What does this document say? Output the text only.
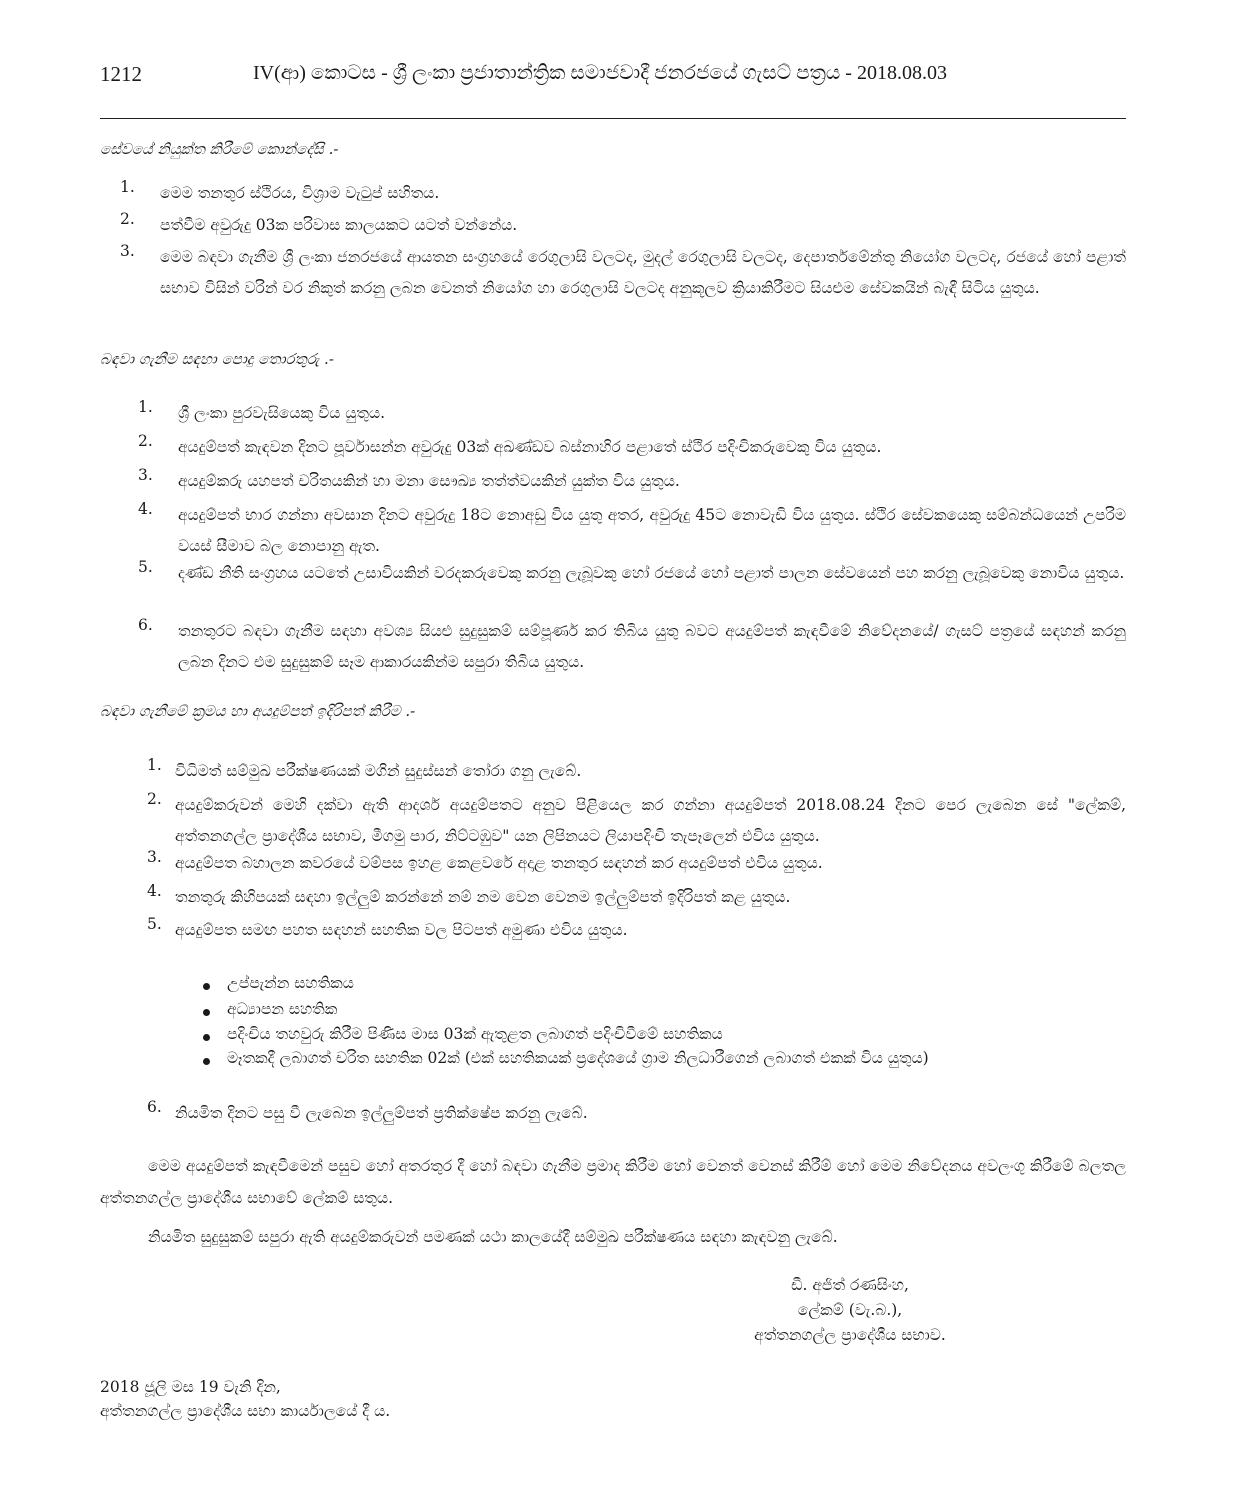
1212	IV(ආ) කොටස - ශ්‍රී ලංකා ප්‍රජාතාන්ත්‍රික සමාජවාදී ජනරජයේ ගැසට් පත්‍රය - 2018.08.03
සේවයේ නියුක්ත කිරීමේ කොන්දේසි .-
1. මෙම තනතුර ස්ථිරය, විශ්‍රාම වැටුප් සහිතය.
2. පත්වීම අවුරුදු 03ක පරිවාස කාලයකට යටත් වන්නේය.
3. මෙම බඳවා ගැනීම ශ්‍රී ලංකා ජනරජයේ ආයතන සංග්‍රහයේ රෙගුලාසි වලටද, මුදල් රෙගුලාසි වලටද, දෙපාර්තමේන්තු නියෝග වලටද, රජයේ හෝ පළාත් සභාව විසින් වරින් වර නිකුත් කරනු ලබන වෙනත් නියෝග හා රෙගුලාසි වලටද අනුකූලව ක්‍රියාකිරීමට සියළුම සේවකයින් බැඳී සිටිය යුතුය.
බඳවා ගැනීම සඳහා පොදු තොරතුරු .-
1. ශ්‍රී ලංකා පුරවැසියෙකු විය යුතුය.
2. අයදුම්පත් කැඳවන දිනට පූර්වාසන්න අවුරුදු 03ක් අඛණ්ඩව බස්නාහිර පළාතේ ස්ථිර පදිංචිකරුවෙකු විය යුතුය.
3. අයදුම්කරු යහපත් චරිතයකින් හා මනා සෞඛ්‍ය තත්ත්වයකින් යුක්ත විය යුතුය.
4. අයදුම්පත් භාර ගන්නා අවසාන දිනට අවුරුදු 18ට නොඅඩු විය යුතු අතර, අවුරුදු 45ට නොවැඩි විය යුතුය. ස්ථිර සේවකයෙකු සම්බන්ධයෙන් උපරිම වයස් සීමාව බල නොපානු ඇත.
5. දණ්ඩ නීති සංග්‍රහය යටතේ උසාවියකින් වරදකරුවෙකු කරනු ලැබූවකු හෝ රජයේ හෝ පළාත් පාලන සේවයෙන් පහ කරනු ලැබූවෙකු නොවිය යුතුය.
6. තනතුරට බඳවා ගැනීම සඳහා අවශ්‍ය සියළු සුදුසුකම් සම්පූර්ණ කර තිබිය යුතු බවට අයදුම්පත් කැඳවීමේ නිවේදනයේ/ ගැසට් පත්‍රයේ සඳහන් කරනු ලබන දිනට එම සුදුසුකම් සෑම ආකාරයකින්ම සපුරා තිබිය යුතුය.
බඳවා ගැනීමේ ක්‍රමය හා අයදුම්පත් ඉදිරිපත් කිරීම .-
1. විධිමත් සම්මුඛ පරීක්ෂණයක් මගින් සුදුස්සන් තෝරා ගනු ලැබේ.
2. අයදුම්කරුවන් මෙහි දක්වා ඇති ආදර්ශ අයදුම්පතට අනුව පිළියෙල කර ගන්නා අයදුම්පත් 2018.08.24 දිනට පෙර ලැබෙන සේ "ලේකම්, අත්තනගල්ල ප්‍රාදේශීය සභාව, මීගමු පාර, නිට්ටඹුව" යන ලිපිනයට ලියාපදිංචි තැපෑලෙන් එවිය යුතුය.
3. අයදුම්පත බහාලන කවරයේ වම්පස ඉහළ කෙළවරේ අදාළ තනතුර සඳහන් කර අයදුම්පත් එවිය යුතුය.
4. තනතුරු කිහිපයක් සඳහා ඉල්ලුම් කරන්නේ නම් නම වෙන වෙනම ඉල්ලුම්පත් ඉදිරිපත් කළ යුතුය.
5. අයදුම්පත සමඟ පහත සඳහන් සහතික වල පිටපත් අමුණා එවිය යුතුය.
උප්පැන්න සහතිකය
අධ්‍යාපන සහතික
පදිංචිය තහවුරු කිරීම පිණිස මාස 03ක් ඇතුළත ලබාගත් පදිංචිවීමේ සහතිකය
මෑතකදී ලබාගත් චරිත සහතික 02ක් (එක් සහතිකයක් ප්‍රදේශයේ ග්‍රාම නිලධාරීගෙන් ලබාගත් එකක් විය යුතුය)
6. නියමිත දිනට පසු වී ලැබෙන ඉල්ලුම්පත් ප්‍රතික්ෂේප කරනු ලැබේ.
මෙම අයදුම්පත් කැඳවීමෙන් පසුව හෝ අතරතුර දී හෝ බඳවා ගැනීම ප්‍රමාද කිරීම හෝ වෙනත් වෙනස් කිරීම් හෝ මෙම නිවේදනය අවලංගු කිරීමේ බලතල අත්තනගල්ල ප්‍රාදේශීය සභාවේ ලේකම් සතුය.
නියමිත සුදුසුකම් සපුරා ඇති අයදුම්කරුවන් පමණක් යථා කාලයේදී සම්මුඛ පරීක්ෂණය සඳහා කැඳවනු ලැබේ.
ඩී. අජිත් රණසිංහ,
ලේකම් (වැ.බ.),
අත්තනගල්ල ප්‍රාදේශීය සභාව.
2018 ජූලි මස 19 වැනි දින,
අත්තනගල්ල ප්‍රාදේශීය සභා කාර්යාලයේ දී ය.
